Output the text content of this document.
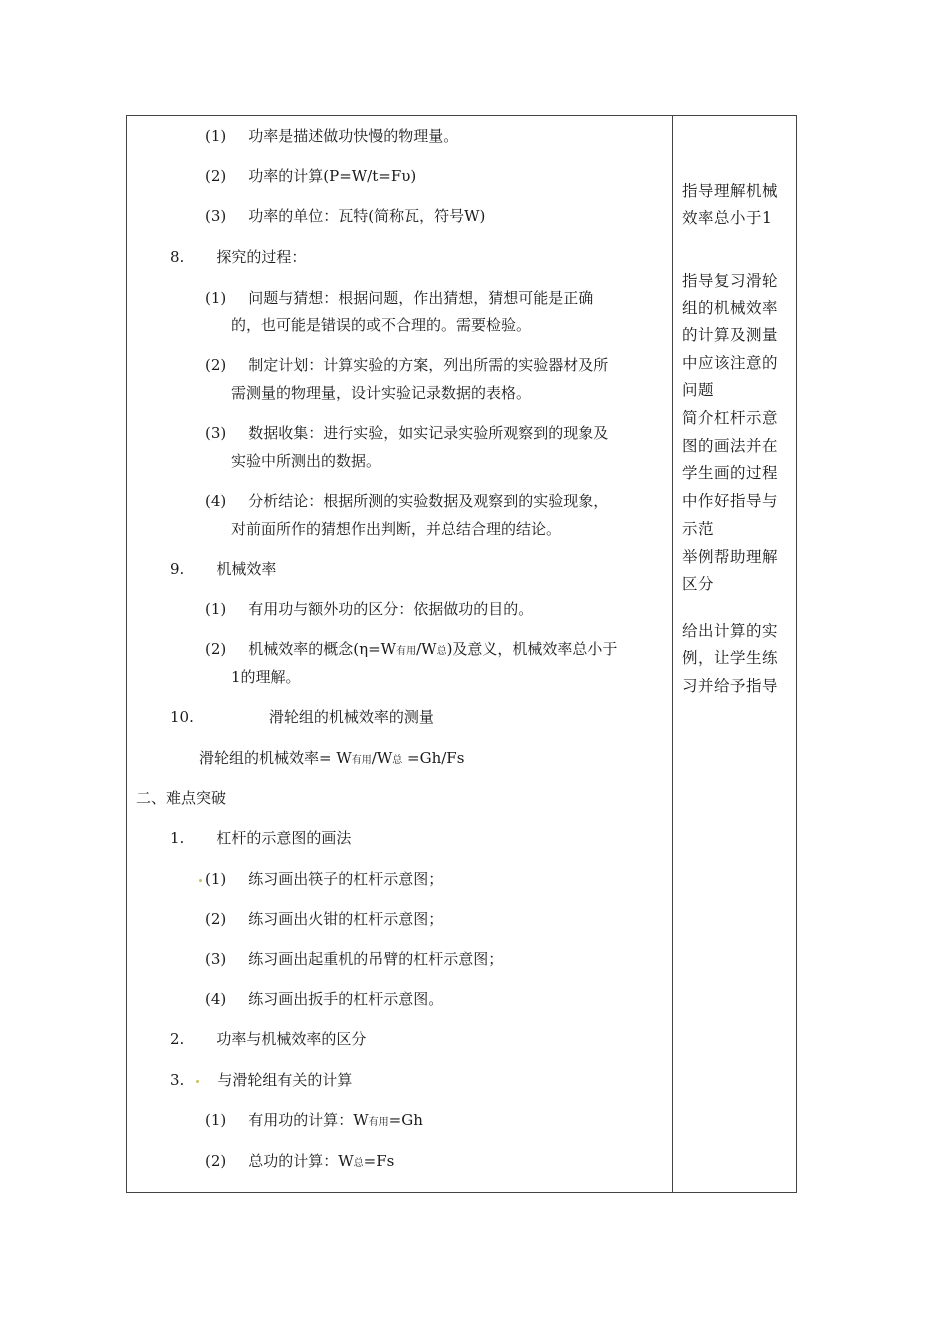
(1) 功率是描述做功快慢的物理量。
(2) 功率的计算(P=W/t=Fυ)
(3) 功率的单位：瓦特(简称瓦，符号W)
8. 探究的过程：
(1) 问题与猜想：根据问题，作出猜想，猜想可能是正确
的，也可能是错误的或不合理的。需要检验。
(2) 制定计划：计算实验的方案，列出所需的实验器材及所
需测量的物理量，设计实验记录数据的表格。
(3) 数据收集：进行实验，如实记录实验所观察到的现象及
实验中所测出的数据。
(4) 分析结论：根据所测的实验数据及观察到的实验现象，
对前面所作的猜想作出判断，并总结合理的结论。
9. 机械效率
(1) 有用功与额外功的区分：依据做功的目的。
(2) 机械效率的概念(η=W有用/W总)及意义，机械效率总小于
1的理解。
10.	滑轮组的机械效率的测量
滑轮组的机械效率= W有用/W总 =Gh/Fs
二、难点突破
1. 杠杆的示意图的画法
(1) 练习画出筷子的杠杆示意图；
(2) 练习画出火钳的杠杆示意图；
(3) 练习画出起重机的吊臂的杠杆示意图；
(4) 练习画出扳手的杠杆示意图。
2. 功率与机械效率的区分
3. 与滑轮组有关的计算
(1) 有用功的计算：W有用=Gh
(2) 总功的计算：W总=Fs
指导理解机械
效率总小于1
指导复习滑轮
组的机械效率
的计算及测量
中应该注意的
问题
简介杠杆示意
图的画法并在
学生画的过程
中作好指导与
示范
举例帮助理解
区分
给出计算的实
例，让学生练
习并给予指导
